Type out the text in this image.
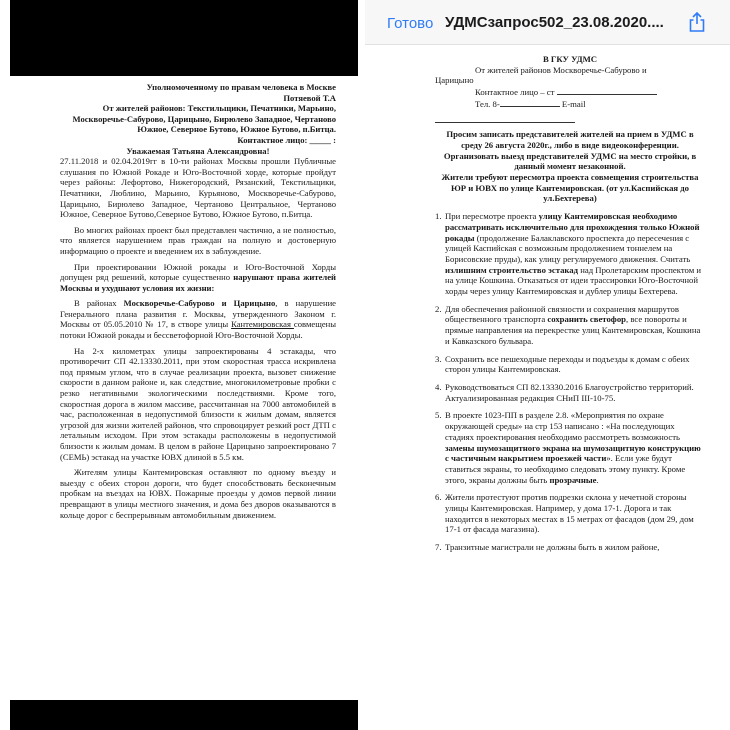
Уполномоченному по правам человека в Москве

Потяевой Т.А

От жителей районов: Текстильщики, Печатники, Марьино, Москворечье-Сабурово, Царицыно, Бирюлево Западное, Чертаново Южное, Северное Бутово, Южное Бутово, п.Битца.

Контактное лицо: _____ :

Уважаемая Татьяна Александровна!

27.11.2018 и 02.04.2019гг в 10-ти районах Москвы прошли Публичные слушания по Южной Рокаде и Юго-Восточной хорде, которые пройдут через районы: Лефортово, Нижегородский, Рязанский, Текстильщики, Печатники, Люблино, Марьино, Курьяново, Москворечье-Сабурово, Царицыно, Бирюлево Западное, Чертаново Центральное, Чертаново Южное, Северное Бутово,Северное Бутово, Южное Бутово, п.Битца.

Во многих районах проект был представлен частично, а не полностью, что является нарушением прав граждан на полную и достоверную информацию о проекте и введением их в заблуждение.

При проектировании Южной рокады и Юго-Восточной Хорды допущен ряд решений, которые существенно нарушают права жителей Москвы и ухудшают условия их жизни:

В районах Москворечье-Сабурово и Царицыно, в нарушение Генерального плана развития г. Москвы, утвержденного Законом г. Москвы от 05.05.2010 № 17, в створе улицы Кантемировская совмещены потоки Южной рокады и бессветофорной Юго-Восточной Хорды.

На 2-х километрах улицы запроектированы 4 эстакады, что противоречит СП 42.13330.2011, при этом скоростная трасса искривлена под прямым углом, что в случае реализации проекта, вызовет снижение скорости в данном районе и, как следствие, многокилометровые пробки с резко негативными экологическими последствиями. Кроме того, скоростная дорога в жилом массиве, рассчитанная на 7000 автомобилей в час, расположенная в недопустимой близости к жилым домам, является угрозой для жизни жителей районов, что спровоцирует резкий рост ДТП с летальным исходом. При этом эстакады расположены в недопустимой близости к жилым домам. В целом в районе Царицыно запроектировано 7 (СЕМЬ) эстакад на участке ЮВХ длиной в 5.5 км.

Жителям улицы Кантемировская оставляют по одному въезду и выезду с обеих сторон дороги, что будет способствовать бесконечным пробкам на въездах на ЮВХ. Пожарные проезды у домов первой линии превращают в улицы местного значения, и дома без дворов оказываются в кольце дорог с беспрерывным автомобильным движением.

Готово УДМСзапрос502_23.08.2020....

В ГКУ УДМС

От жителей районов Москворечье-Сабурово и

Царицыно

Контактное лицо – ст

Тел. 8-	E-mail

Просим записать представителей жителей на прием в УДМС в среду 26 августа 2020г., либо в виде видеоконференции. Организовать выезд представителей УДМС на место стройки, в данный момент незаконной.

Жители требуют пересмотра проекта совмещения строительства ЮР и ЮВХ по улице Кантемировская. (от ул.Каспийская до ул.Бехтерева)

1. При пересмотре проекта улицу Кантемировская необходимо рассматривать исключительно для прохождения только Южной рокады (продолжение Балаклавского проспекта до пересечения с улицей Каспийская с возможным продолжением тоннелем на Борисовские пруды), как улицу регулируемого движения. Считать излишним строительство эстакад над Пролетарским проспектом и на улице Кошкина. Отказаться от идеи трассировки Юго-Восточной хорды через улицу Кантемировская и дублер улицы Бехтерева.
2. Для обеспечения районной связности и сохранения маршрутов общественного транспорта сохранить светофор, все повороты и прямые направления на перекрестке улиц Кантемировская, Кошкина и Кавказского бульвара.
3. Сохранить все пешеходные переходы и подъезды к домам с обеих сторон улицы Кантемировская.
4. Руководствоваться СП 82.13330.2016 Благоустройство территорий. Актуализированная редакция СНиП III-10-75.
5. В проекте 1023-ПП в разделе 2.8. «Мероприятия по охране окружающей среды» на стр 153 написано : «На последующих стадиях проектирования необходимо рассмотреть возможность замены шумозащитного экрана на шумозащитную конструкцию с частичным накрытием проезжей части». Если уже будут ставиться экраны, то необходимо следовать этому пункту. Кроме этого, экраны должны быть прозрачные.
6. Жители протестуют против подрезки склона у нечетной стороны улицы Кантемировская. Например, у дома 17-1. Дорога и так находится в некоторых местах в 15 метрах от фасадов (дом 29, дом 17-1 от фасада магазина).
7. Транзитные магистрали не должны быть в жилом районе,
